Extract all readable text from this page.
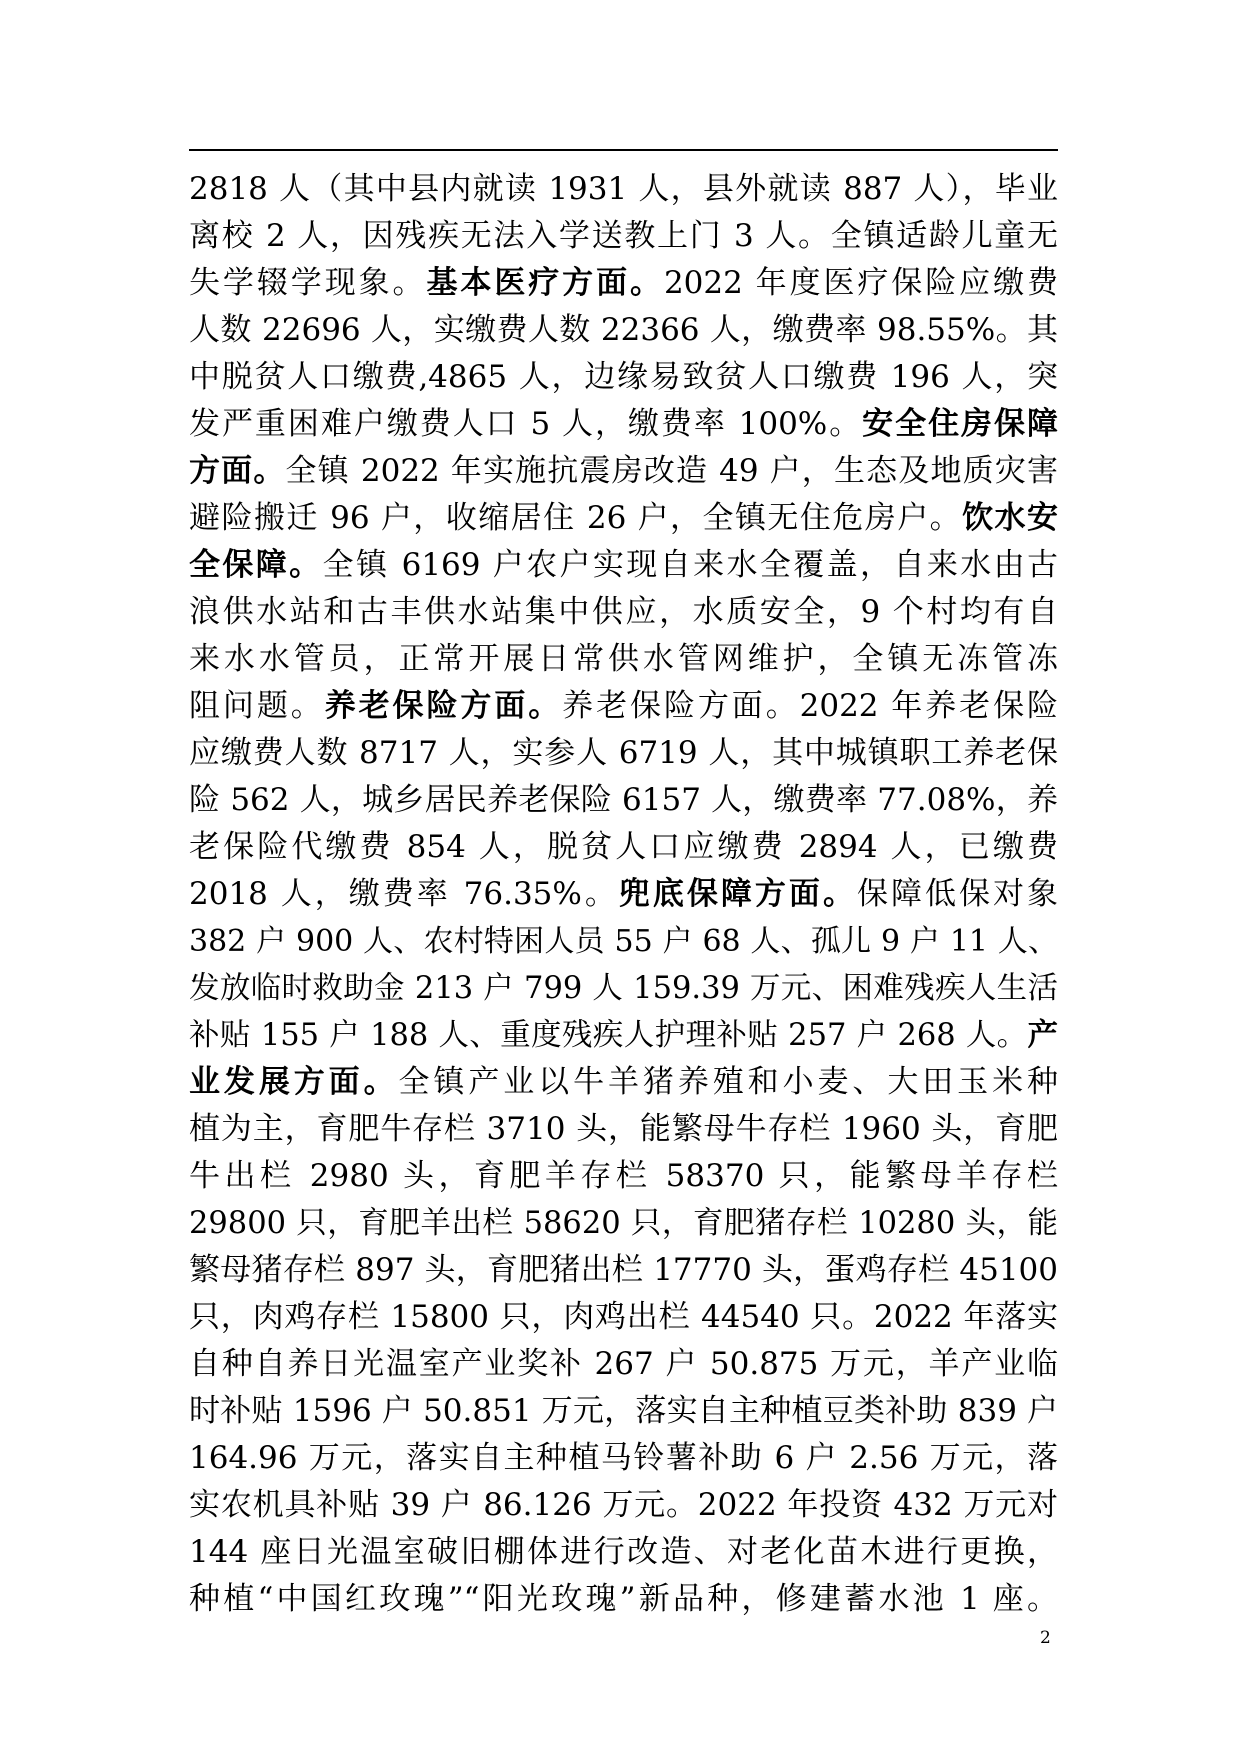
2818 人（其中县内就读 1931 人，县外就读 887 人），毕业
离校 2 人，因残疾无法入学送教上门 3 人。全镇适龄儿童无
失学辍学现象。基本医疗方面。2022 年度医疗保险应缴费
人数 22696 人，实缴费人数 22366 人，缴费率 98.55%。其
中脱贫人口缴费,4865 人，边缘易致贫人口缴费 196 人，突
发严重困难户缴费人口 5 人，缴费率 100%。安全住房保障
方面。全镇 2022 年实施抗震房改造 49 户，生态及地质灾害
避险搬迁 96 户，收缩居住 26 户，全镇无住危房户。饮水安
全保障。全镇 6169 户农户实现自来水全覆盖，自来水由古
浪供水站和古丰供水站集中供应，水质安全，9 个村均有自
来水水管员，正常开展日常供水管网维护，全镇无冻管冻
阻问题。养老保险方面。养老保险方面。2022 年养老保险
应缴费人数 8717 人，实参人 6719 人，其中城镇职工养老保
险 562 人，城乡居民养老保险 6157 人，缴费率 77.08%，养
老保险代缴费 854 人，脱贫人口应缴费 2894 人，已缴费
2018 人，缴费率 76.35%。兜底保障方面。保障低保对象
382 户 900 人、农村特困人员 55 户 68 人、孤儿 9 户 11 人、
发放临时救助金 213 户 799 人 159.39 万元、困难残疾人生活
补贴 155 户 188 人、重度残疾人护理补贴 257 户 268 人。产
业发展方面。全镇产业以牛羊猪养殖和小麦、大田玉米种
植为主，育肥牛存栏 3710 头，能繁母牛存栏 1960 头，育肥
牛出栏 2980 头，育肥羊存栏 58370 只，能繁母羊存栏
29800 只，育肥羊出栏 58620 只，育肥猪存栏 10280 头，能
繁母猪存栏 897 头，育肥猪出栏 17770 头，蛋鸡存栏 45100
只，肉鸡存栏 15800 只，肉鸡出栏 44540 只。2022 年落实
自种自养日光温室产业奖补 267 户 50.875 万元，羊产业临
时补贴 1596 户 50.851 万元，落实自主种植豆类补助 839 户
164.96 万元，落实自主种植马铃薯补助 6 户 2.56 万元，落
实农机具补贴 39 户 86.126 万元。2022 年投资 432 万元对
144 座日光温室破旧棚体进行改造、对老化苗木进行更换，
种植“中国红玫瑰”“阳光玫瑰”新品种，修建蓄水池 1 座。
2
